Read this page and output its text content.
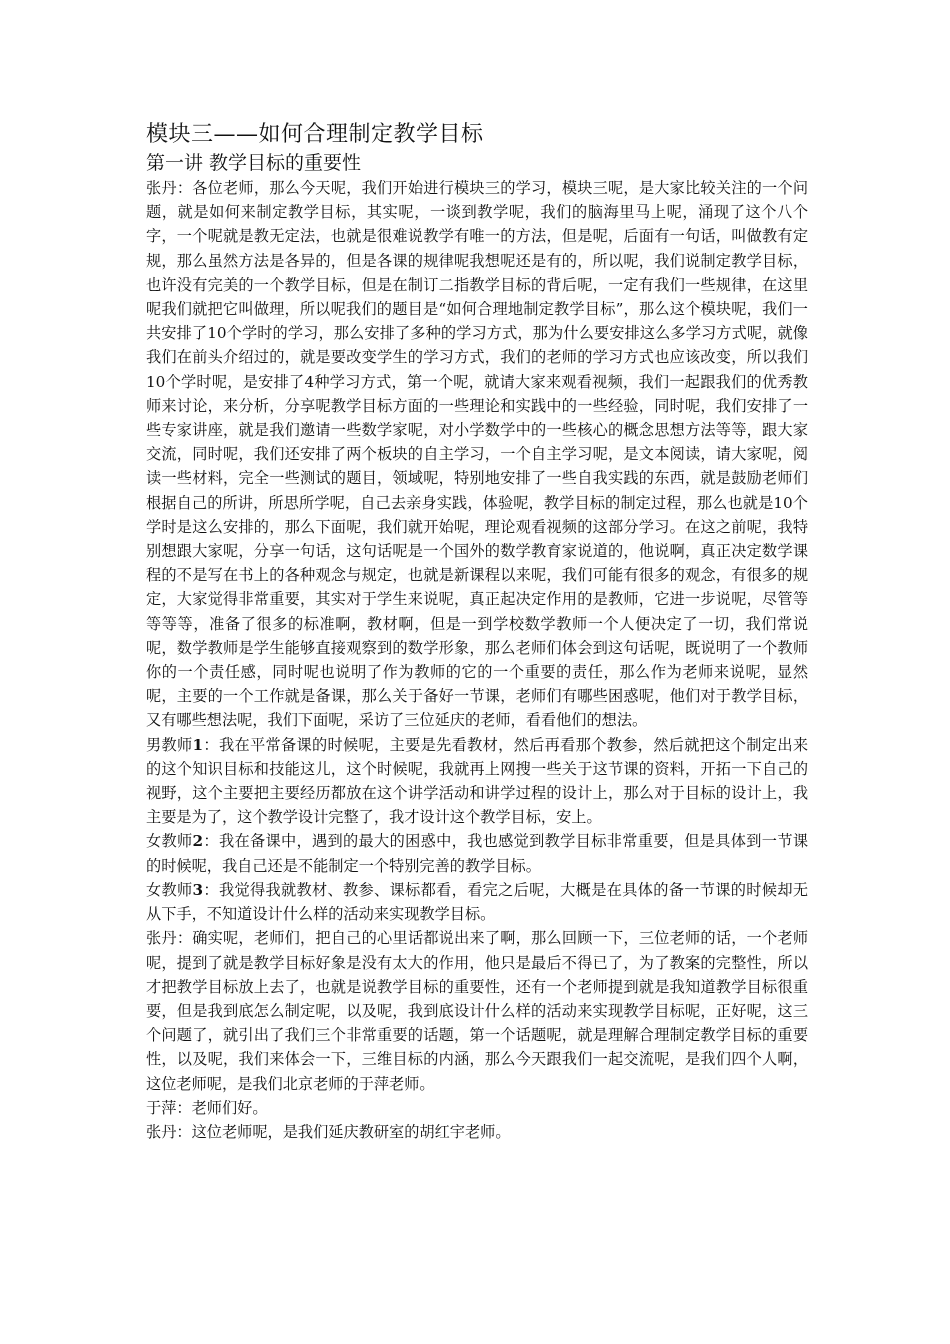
模块三——如何合理制定教学目标
第一讲 教学目标的重要性

张丹：各位老师，那么今天呢，我们开始进行模块三的学习，模块三呢，是大家比较关注的一个问题，就是如何来制定教学目标，其实呢，一谈到教学呢，我们的脑海里马上呢，涌现了这个八个字，一个呢就是教无定法，也就是很难说教学有唯一的方法，但是呢，后面有一句话，叫做教有定规，那么虽然方法是各异的，但是各课的规律呢我想呢还是有的，所以呢，我们说制定教学目标，也许没有完美的一个教学目标，但是在制订二指教学目标的背后呢，一定有我们一些规律，在这里呢我们就把它叫做理，所以呢我们的题目是“如何合理地制定教学目标”，那么这个模块呢，我们一共安排了10个学时的学习，那么安排了多种的学习方式，那为什么要安排这么多学习方式呢，就像我们在前头介绍过的，就是要改变学生的学习方式，我们的老师的学习方式也应该改变，所以我们10个学时呢，是安排了4种学习方式，第一个呢，就请大家来观看视频，我们一起跟我们的优秀教师来讨论，来分析，分享呢教学目标方面的一些理论和实践中的一些经验，同时呢，我们安排了一些专家讲座，就是我们邀请一些数学家呢，对小学数学中的一些核心的概念思想方法等等，跟大家交流，同时呢，我们还安排了两个板块的自主学习，一个自主学习呢，是文本阅读，请大家呢，阅读一些材料，完全一些测试的题目，领域呢，特别地安排了一些自我实践的东西，就是鼓励老师们根据自己的所讲，所思所学呢，自己去亲身实践，体验呢，教学目标的制定过程，那么也就是10个学时是这么安排的，那么下面呢，我们就开始呢，理论观看视频的这部分学习。在这之前呢，我特别想跟大家呢，分享一句话，这句话呢是一个国外的数学教育家说道的，他说啊，真正决定数学课程的不是写在书上的各种观念与规定，也就是新课程以来呢，我们可能有很多的观念，有很多的规定，大家觉得非常重要，其实对于学生来说呢，真正起决定作用的是教师，它进一步说呢，尽管等等等等，准备了很多的标准啊，教材啊，但是一到学校数学教师一个人便决定了一切，我们常说呢，数学教师是学生能够直接观察到的数学形象，那么老师们体会到这句话呢，既说明了一个教师你的一个责任感，同时呢也说明了作为教师的它的一个重要的责任，那么作为老师来说呢，显然呢，主要的一个工作就是备课，那么关于备好一节课，老师们有哪些困惑呢，他们对于教学目标，又有哪些想法呢，我们下面呢，采访了三位延庆的老师，看看他们的想法。

男教师1：我在平常备课的时候呢，主要是先看教材，然后再看那个教参，然后就把这个制定出来的这个知识目标和技能这儿，这个时候呢，我就再上网搜一些关于这节课的资料，开拓一下自己的视野，这个主要把主要经历都放在这个讲学活动和讲学过程的设计上，那么对于目标的设计上，我主要是为了，这个教学设计完整了，我才设计这个教学目标，安上。

女教师2：我在备课中，遇到的最大的困惑中，我也感觉到教学目标非常重要，但是具体到一节课的时候呢，我自己还是不能制定一个特别完善的教学目标。

女教师3：我觉得我就教材、教参、课标都看，看完之后呢，大概是在具体的备一节课的时候却无从下手，不知道设计什么样的活动来实现教学目标。

张丹：确实呢，老师们，把自己的心里话都说出来了啊，那么回顾一下，三位老师的话，一个老师呢，提到了就是教学目标好象是没有太大的作用，他只是最后不得已了，为了教案的完整性，所以才把教学目标放上去了，也就是说教学目标的重要性，还有一个老师提到就是我知道教学目标很重要，但是我到底怎么制定呢，以及呢，我到底设计什么样的活动来实现教学目标呢，正好呢，这三个问题了，就引出了我们三个非常重要的话题，第一个话题呢，就是理解合理制定教学目标的重要性，以及呢，我们来体会一下，三维目标的内涵，那么今天跟我们一起交流呢，是我们四个人啊，这位老师呢，是我们北京老师的于萍老师。

于萍：老师们好。

张丹：这位老师呢，是我们延庆教研室的胡红宇老师。
